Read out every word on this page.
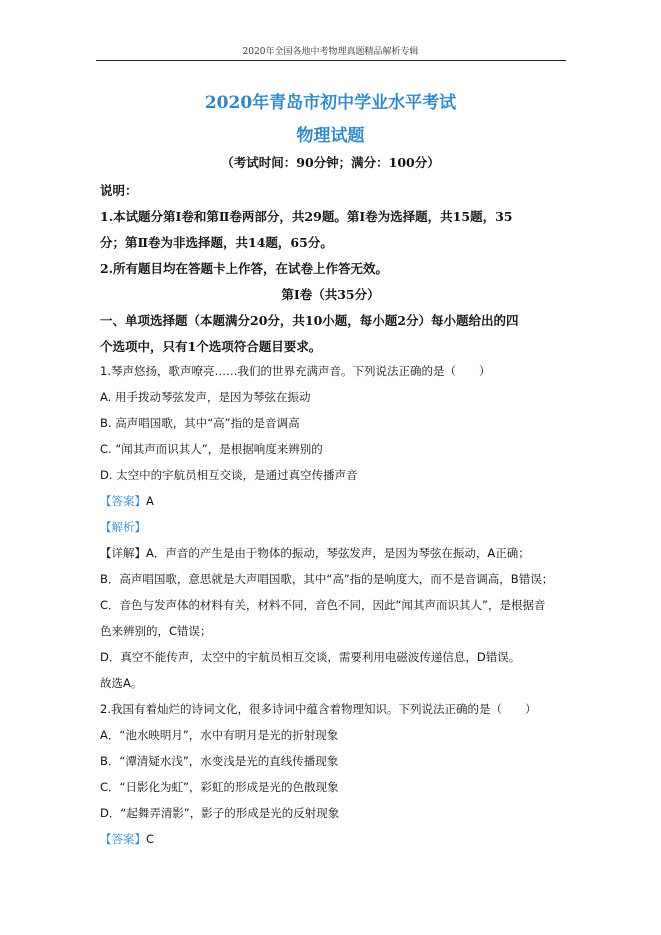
2020年全国各地中考物理真题精品解析专辑
2020年青岛市初中学业水平考试
物理试题
（考试时间：90分钟；满分：100分）
说明：
1.本试题分第Ⅰ卷和第Ⅱ卷两部分，共29题。第Ⅰ卷为选择题，共15题，35
分；第Ⅱ卷为非选择题，共14题，65分。
2.所有题目均在答题卡上作答，在试卷上作答无效。
第Ⅰ卷（共35分）
一、单项选择题（本题满分20分，共10小题，每小题2分）每小题给出的四
个选项中，只有1个选项符合题目要求。
1.琴声悠扬，歌声嘹亮……我们的世界充满声音。下列说法正确的是（　　）
A. 用手拨动琴弦发声，是因为琴弦在振动
B. 高声唱国歌，其中“高”指的是音调高
C. “闻其声而识其人”，是根据响度来辨别的
D. 太空中的宇航员相互交谈，是通过真空传播声音
【答案】A
【解析】
【详解】A．声音的产生是由于物体的振动，琴弦发声，是因为琴弦在振动，A正确；
B．高声唱国歌，意思就是大声唱国歌，其中“高”指的是响度大，而不是音调高，B错误；
C．音色与发声体的材料有关，材料不同，音色不同，因此“闻其声而识其人”，是根据音
色来辨别的，C错误；
D．真空不能传声，太空中的宇航员相互交谈，需要利用电磁波传递信息，D错误。
故选A。
2.我国有着灿烂的诗词文化，很多诗词中蕴含着物理知识。下列说法正确的是（　　）
A．“池水映明月”，水中有明月是光的折射现象
B．“潭清疑水浅”，水变浅是光的直线传播现象
C．“日影化为虹”，彩虹的形成是光的色散现象
D．“起舞弄清影”，影子的形成是光的反射现象
【答案】C
